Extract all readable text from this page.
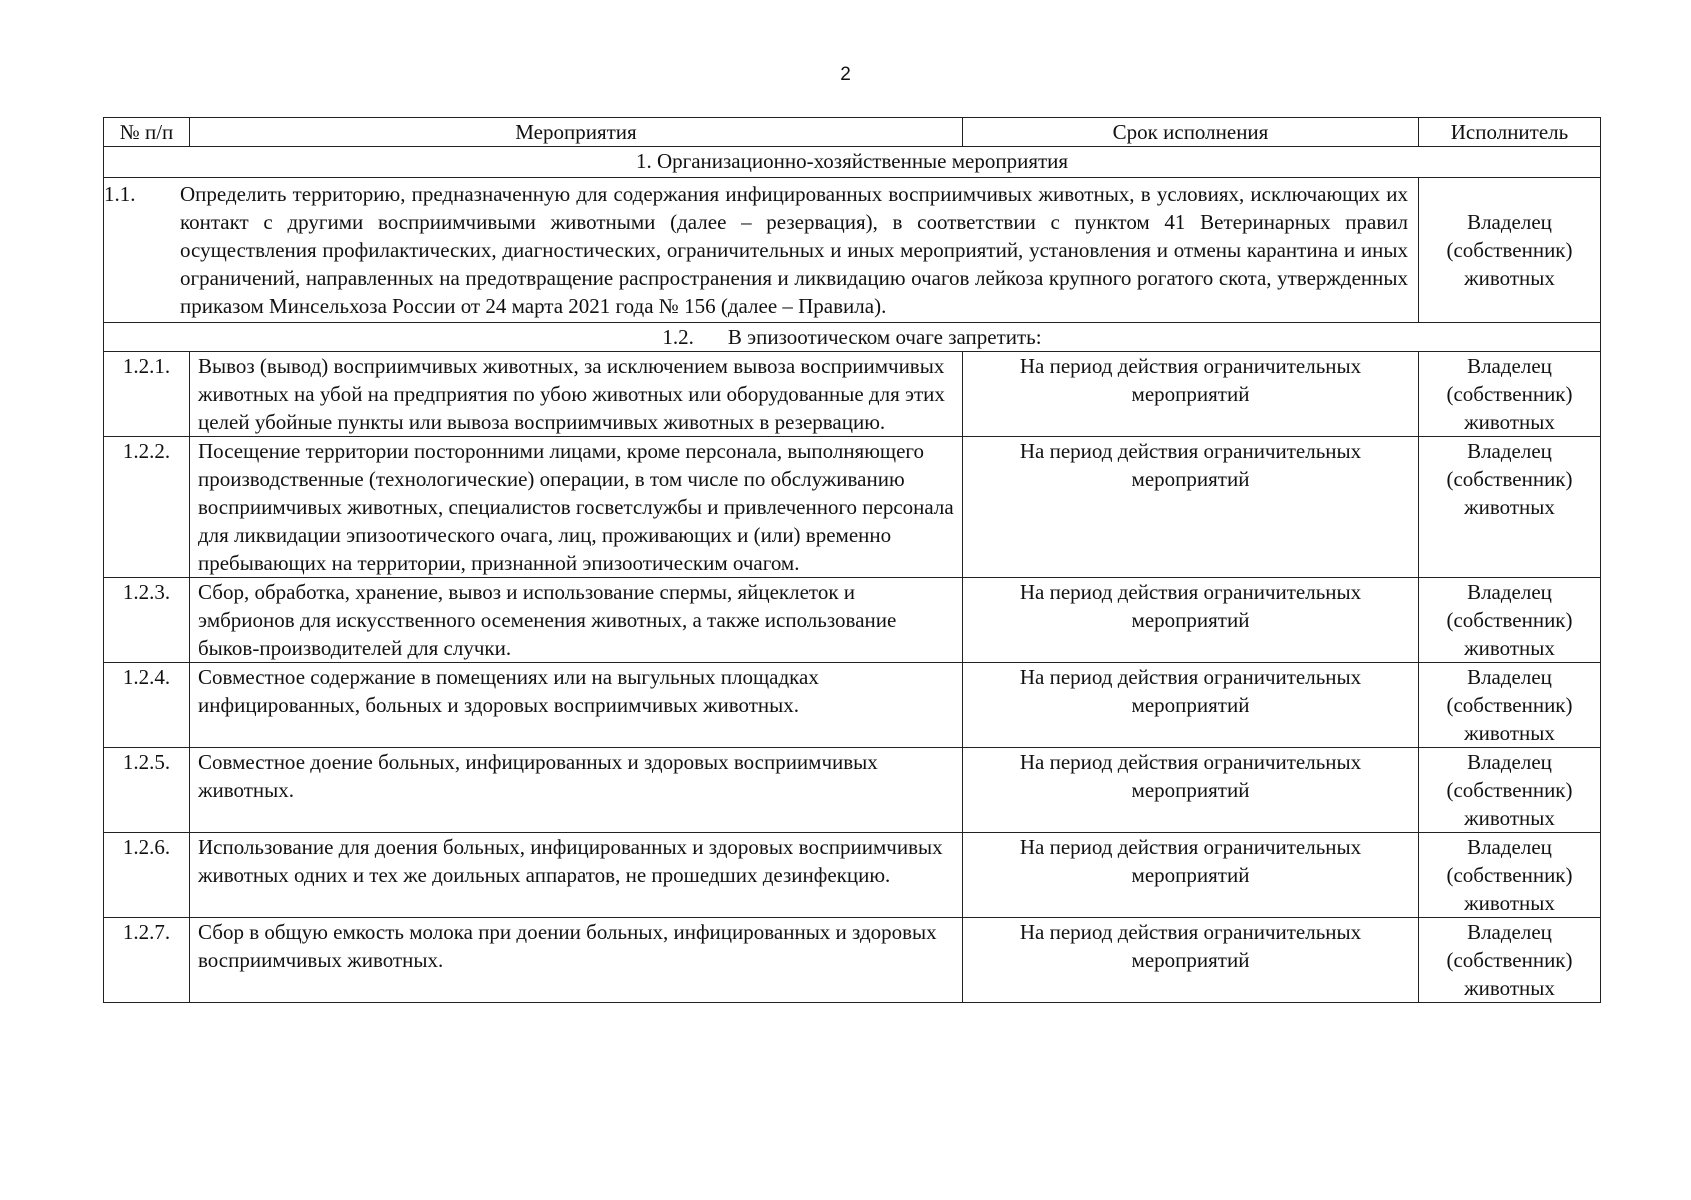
2
№ п/п	Мероприятия	Срок исполнения	Исполнитель
1. Организационно-хозяйственные мероприятия			
1.1. Определить территорию, предназначенную для содержания инфицированных восприимчивых животных, в условиях, исключающих их контакт с другими восприимчивыми животными (далее – резервация), в соответствии с пунктом 41 Ветеринарных правил осуществления профилактических, диагностических, ограничительных и иных мероприятий, установления и отмены карантина и иных ограничений, направленных на предотвращение распространения и ликвидацию очагов лейкоза крупного рогатого скота, утвержденных приказом Минсельхоза России от 24 марта 2021 года № 156 (далее – Правила).			Владелец (собственник) животных
1.2. В эпизоотическом очаге запретить:			
1.2.1.	Вывоз (вывод) восприимчивых животных, за исключением вывоза восприимчивых животных на убой на предприятия по убою животных или оборудованные для этих целей убойные пункты или вывоза восприимчивых животных в резервацию.	На период действия ограничительных мероприятий	Владелец (собственник) животных
1.2.2.	Посещение территории посторонними лицами, кроме персонала, выполняющего производственные (технологические) операции, в том числе по обслуживанию восприимчивых животных, специалистов госветслужбы и привлеченного персонала для ликвидации эпизоотического очага, лиц, проживающих и (или) временно пребывающих на территории, признанной эпизоотическим очагом.	На период действия ограничительных мероприятий	Владелец (собственник) животных
1.2.3.	Сбор, обработка, хранение, вывоз и использование спермы, яйцеклеток и эмбрионов для искусственного осеменения животных, а также использование быков-производителей для случки.	На период действия ограничительных мероприятий	Владелец (собственник) животных
1.2.4.	Совместное содержание в помещениях или на выгульных площадках инфицированных, больных и здоровых восприимчивых животных.	На период действия ограничительных мероприятий	Владелец (собственник) животных
1.2.5.	Совместное доение больных, инфицированных и здоровых восприимчивых животных.	На период действия ограничительных мероприятий	Владелец (собственник) животных
1.2.6.	Использование для доения больных, инфицированных и здоровых восприимчивых животных одних и тех же доильных аппаратов, не прошедших дезинфекцию.	На период действия ограничительных мероприятий	Владелец (собственник) животных
1.2.7.	Сбор в общую емкость молока при доении больных, инфицированных и здоровых восприимчивых животных.	На период действия ограничительных мероприятий	Владелец (собственник) животных
